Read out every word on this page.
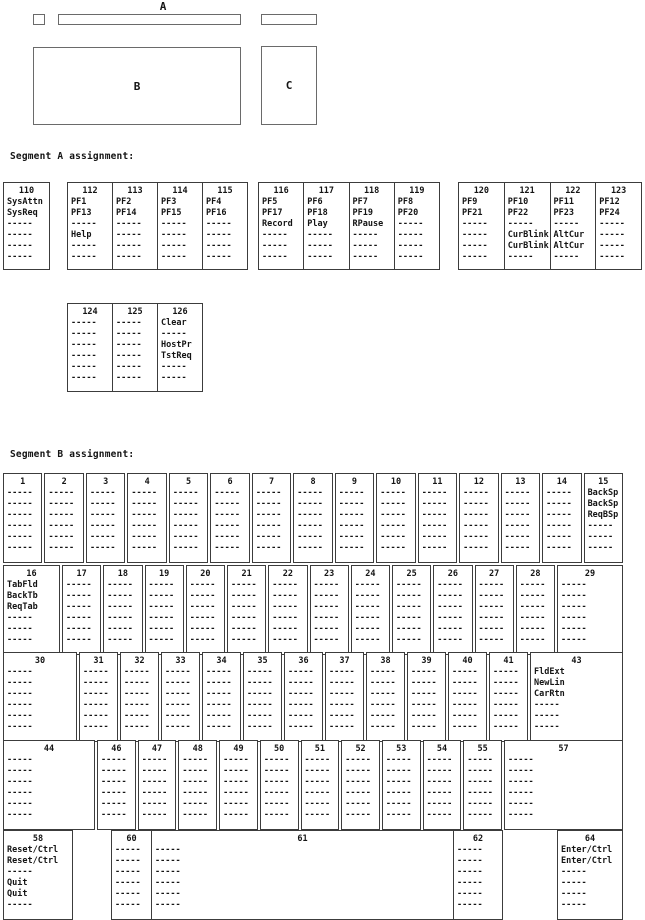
A
B	C
Segment A assignment:
110
SysAttn
SysReq
-----
-----
-----
-----
112
PF1
PF13
-----
Help
-----
-----
113
PF2
PF14
-----
-----
-----
-----
114
PF3
PF15
-----
-----
-----
-----
115
PF4
PF16
-----
-----
-----
-----
116
PF5
PF17
Record
-----
-----
-----
117
PF6
PF18
Play
-----
-----
-----
118
PF7
PF19
RPause
-----
-----
-----
119
PF8
PF20
-----
-----
-----
-----
120
PF9
PF21
-----
-----
-----
-----
121
PF10
PF22
-----
CurBlink
CurBlink
-----
122
PF11
PF23
-----
AltCur
AltCur
-----
123
PF12
PF24
-----
-----
-----
-----
124
-----
-----
-----
-----
-----
-----
125
-----
-----
-----
-----
-----
-----
126
Clear
-----
HostPr
TstReq
-----
-----
Segment B assignment:
1
-----
-----
-----
-----
-----
-----
2
-----
-----
-----
-----
-----
-----
3
-----
-----
-----
-----
-----
-----
4
-----
-----
-----
-----
-----
-----
5
-----
-----
-----
-----
-----
-----
6
-----
-----
-----
-----
-----
-----
7
-----
-----
-----
-----
-----
-----
8
-----
-----
-----
-----
-----
-----
9
-----
-----
-----
-----
-----
-----
10
-----
-----
-----
-----
-----
-----
11
-----
-----
-----
-----
-----
-----
12
-----
-----
-----
-----
-----
-----
13
-----
-----
-----
-----
-----
-----
14
-----
-----
-----
-----
-----
-----
15
BackSp
BackSp
ReqBSp
-----
-----
-----
16
TabFld
BackTb
ReqTab
-----
-----
-----
17
-----
-----
-----
-----
-----
-----
18
-----
-----
-----
-----
-----
-----
19
-----
-----
-----
-----
-----
-----
20
-----
-----
-----
-----
-----
-----
21
-----
-----
-----
-----
-----
-----
22
-----
-----
-----
-----
-----
-----
23
-----
-----
-----
-----
-----
-----
24
-----
-----
-----
-----
-----
-----
25
-----
-----
-----
-----
-----
-----
26
-----
-----
-----
-----
-----
-----
27
-----
-----
-----
-----
-----
-----
28
-----
-----
-----
-----
-----
-----
29
-----
-----
-----
-----
-----
-----
30
-----
-----
-----
-----
-----
-----
31
-----
-----
-----
-----
-----
-----
32
-----
-----
-----
-----
-----
-----
33
-----
-----
-----
-----
-----
-----
34
-----
-----
-----
-----
-----
-----
35
-----
-----
-----
-----
-----
-----
36
-----
-----
-----
-----
-----
-----
37
-----
-----
-----
-----
-----
-----
38
-----
-----
-----
-----
-----
-----
39
-----
-----
-----
-----
-----
-----
40
-----
-----
-----
-----
-----
-----
41
-----
-----
-----
-----
-----
-----
43
FldExt
NewLin
CarRtn
-----
-----
-----
44
-----
-----
-----
-----
-----
-----
46
-----
-----
-----
-----
-----
-----
47
-----
-----
-----
-----
-----
-----
48
-----
-----
-----
-----
-----
-----
49
-----
-----
-----
-----
-----
-----
50
-----
-----
-----
-----
-----
-----
51
-----
-----
-----
-----
-----
-----
52
-----
-----
-----
-----
-----
-----
53
-----
-----
-----
-----
-----
-----
54
-----
-----
-----
-----
-----
-----
55
-----
-----
-----
-----
-----
-----
57
-----
-----
-----
-----
-----
-----
58
Reset/Ctrl
Reset/Ctrl
-----
Quit
Quit
-----
60
-----
-----
-----
-----
-----
-----
61
-----
-----
-----
-----
-----
-----
62
-----
-----
-----
-----
-----
-----
64
Enter/Ctrl
Enter/Ctrl
-----
-----
-----
-----
